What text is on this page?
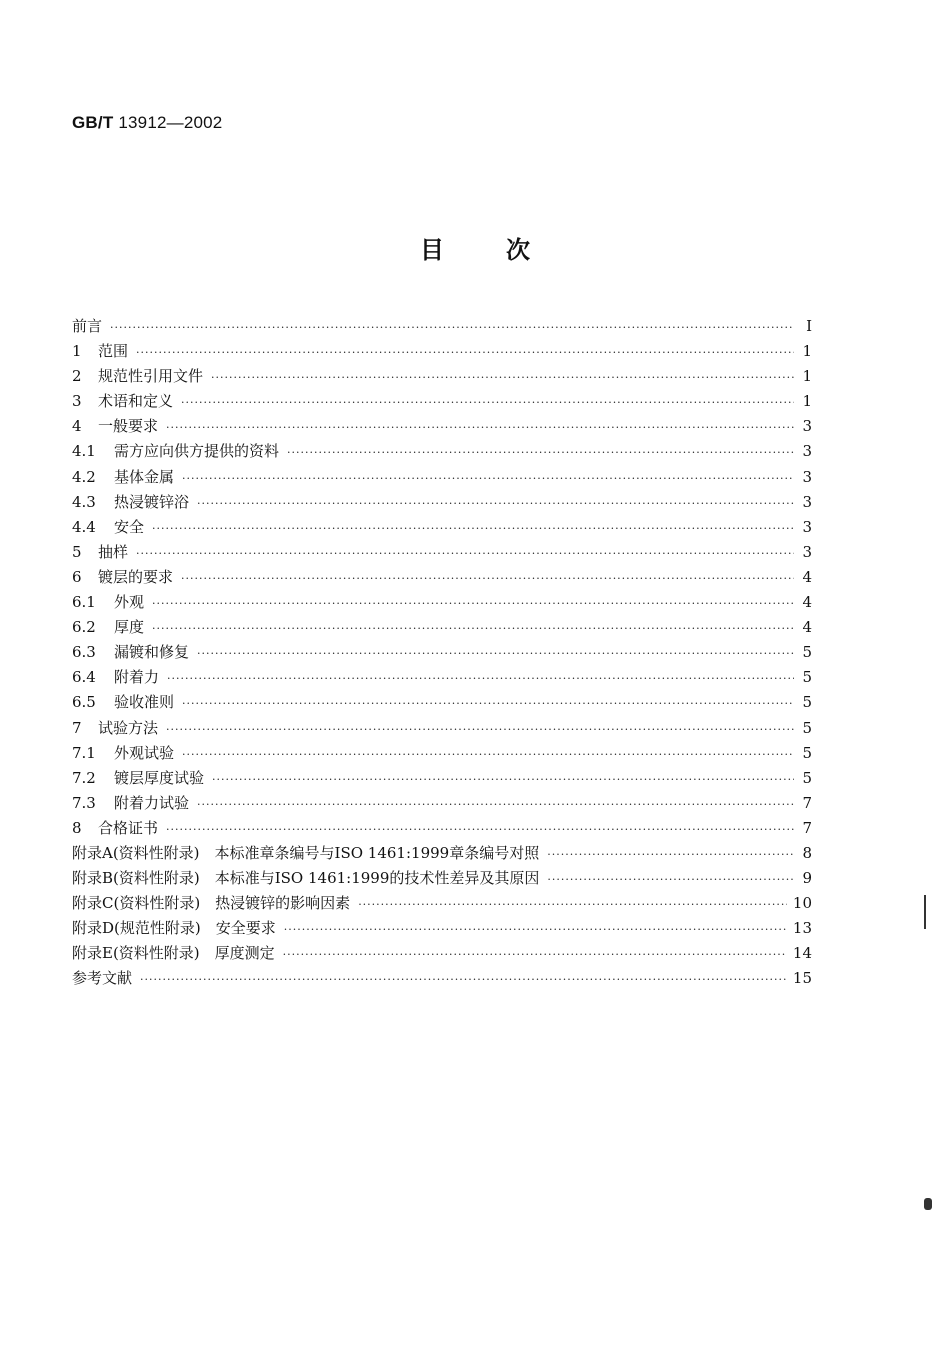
GB/T 13912—2002
目次
前言 ·····	I
1	范围 ·····	1
2	规范性引用文件 ·····	1
3	术语和定义 ·····	1
4	一般要求 ·····	3
4.1	需方应向供方提供的资料 ·····	3
4.2	基体金属 ·····	3
4.3	热浸镀锌浴 ·····	3
4.4	安全 ·····	3
5	抽样 ·····	3
6	镀层的要求 ·····	4
6.1	外观 ·····	4
6.2	厚度 ·····	4
6.3	漏镀和修复 ·····	5
6.4	附着力 ·····	5
6.5	验收准则 ·····	5
7	试验方法 ·····	5
7.1	外观试验 ·····	5
7.2	镀层厚度试验 ·····	5
7.3	附着力试验 ·····	7
8	合格证书 ·····	7
附录A(资料性附录)　本标准章条编号与ISO 1461:1999章条编号对照 ·····	8
附录B(资料性附录)　本标准与ISO 1461:1999的技术性差异及其原因 ·····	9
附录C(资料性附录)　热浸镀锌的影响因素 ·····	10
附录D(规范性附录)　安全要求 ·····	13
附录E(资料性附录)　厚度测定 ·····	14
参考文献 ·····	15
